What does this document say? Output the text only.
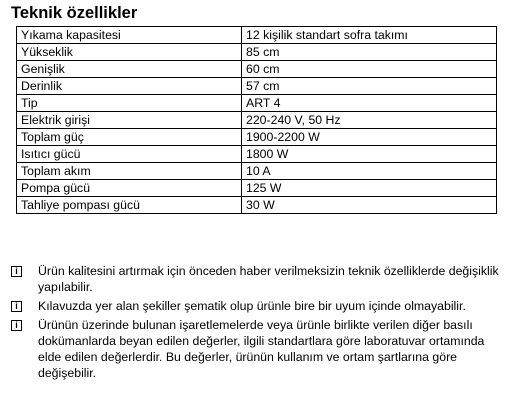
Teknik özellikler
Yıkama kapasitesi	12 kişilik standart sofra takımı
Yükseklik	85 cm
Genişlik	60 cm
Derinlik	57 cm
Tip	ART 4
Elektrik girişi	220-240 V, 50 Hz
Toplam güç	1900-2200 W
Isıtıcı gücü	1800 W
Toplam akım	10 A
Pompa gücü	125 W
Tahliye pompası gücü	30 W
i	Ürün kalitesini artırmak için önceden haber verilmeksizin teknik özelliklerde değişiklik yapılabilir.
i	Kılavuzda yer alan şekiller şematik olup ürünle bire bir uyum içinde olmayabilir.
i	Ürünün üzerinde bulunan işaretlemelerde veya ürünle birlikte verilen diğer basılı dokümanlarda beyan edilen değerler, ilgili standartlara göre laboratuvar ortamında elde edilen değerlerdir. Bu değerler, ürünün kullanım ve ortam şartlarına göre değişebilir.
